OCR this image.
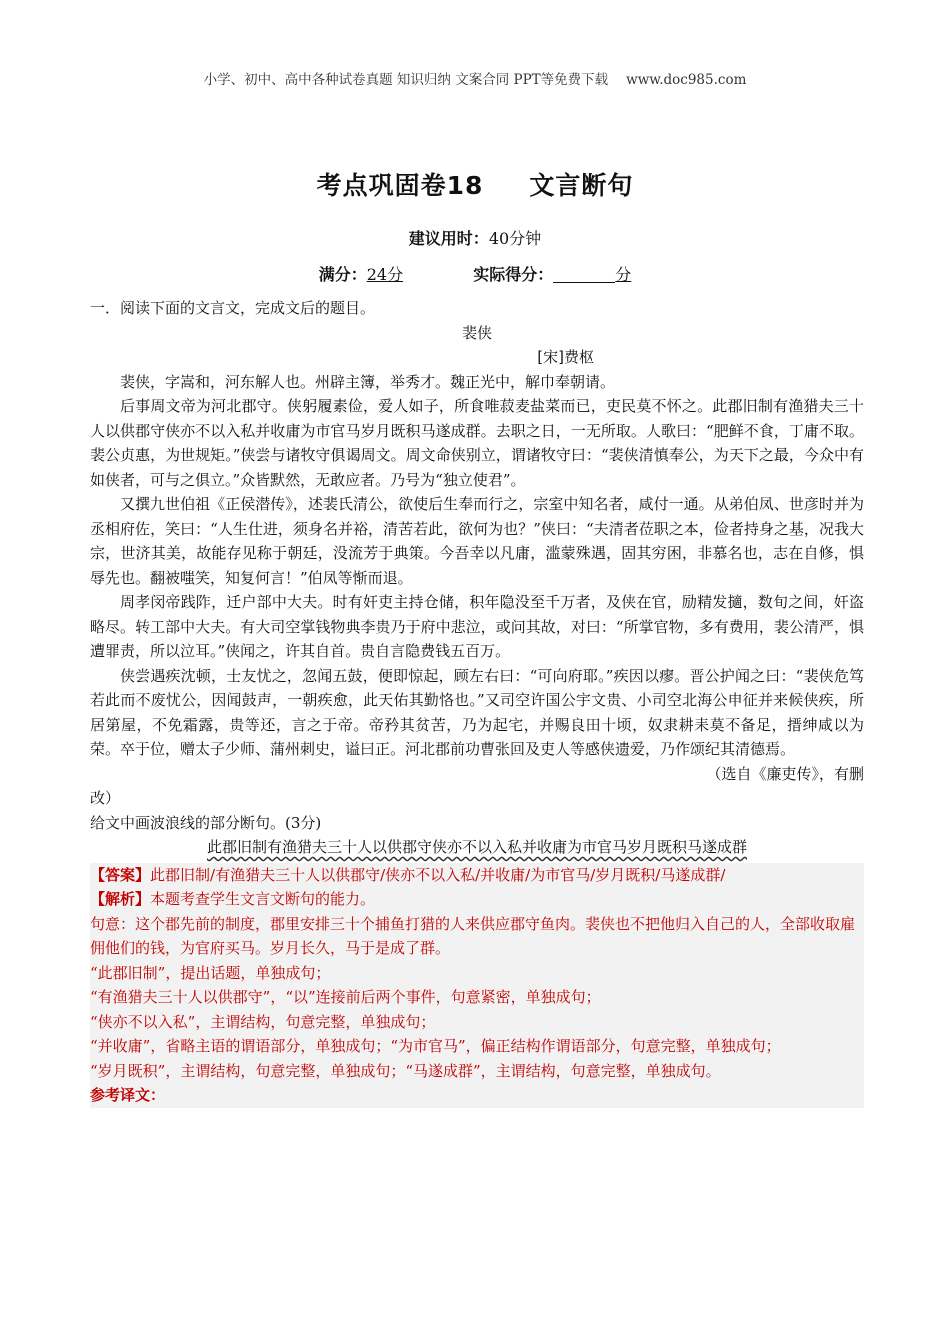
小学、初中、高中各种试卷真题 知识归纳 文案合同 PPT等免费下载 www.doc985.com
考点巩固卷18 文言断句
建议用时：40分钟
满分：24分	实际得分：	分

一．阅读下面的文言文，完成文后的题目。

裴侠

[宋]费枢

裴侠，字嵩和，河东解人也。州辟主簿，举秀才。魏正光中，解巾奉朝请。

后事周文帝为河北郡守。侠躬履素俭，爱人如子，所食唯菽麦盐菜而已，吏民莫不怀之。此郡旧制有渔猎夫三十人以供郡守侠亦不以入私并收庸为市官马岁月既积马遂成群。去职之日，一无所取。人歌曰：“肥鲜不食，丁庸不取。裴公贞惠，为世规矩。”侠尝与诸牧守俱谒周文。周文命侠别立，谓诸牧守曰：“裴侠清慎奉公，为天下之最，今众中有如侠者，可与之俱立。”众皆默然，无敢应者。乃号为“独立使君”。

又撰九世伯祖《正侯潜传》，述裴氏清公，欲使后生奉而行之，宗室中知名者，咸付一通。从弟伯凤、世彦时并为丞相府佐，笑曰：“人生仕进，须身名并裕，清苦若此，欲何为也？”侠曰：“夫清者莅职之本，俭者持身之基，况我大宗，世济其美，故能存见称于朝廷，没流芳于典策。今吾幸以凡庸，滥蒙殊遇，固其穷困，非慕名也，志在自修，惧辱先也。翻被嗤笑，知复何言！”伯凤等惭而退。

周孝闵帝践阼，迁户部中大夫。时有奸吏主持仓储，积年隐没至千万者，及侠在官，励精发擿，数旬之间，奸盗略尽。转工部中大夫。有大司空掌钱物典李贵乃于府中悲泣，或问其故，对曰：“所掌官物，多有费用，裴公清严，惧遭罪责，所以泣耳。”侠闻之，许其自首。贵自言隐费钱五百万。

侠尝遇疾沈顿，士友忧之，忽闻五鼓，便即惊起，顾左右曰：“可向府耶。”疾因以瘳。晋公护闻之曰：“裴侠危笃若此而不废忧公，因闻鼓声，一朝疾愈，此天佑其勤恪也。”又司空许国公宇文贵、小司空北海公申征并来候侠疾，所居第屋，不免霜露，贵等还，言之于帝。帝矜其贫苦，乃为起宅，并赐良田十顷，奴隶耕耒莫不备足，搢绅咸以为荣。卒于位，赠太子少师、蒲州刺史，谥曰正。河北郡前功曹张回及吏人等感侠遗爱，乃作颂纪其清德焉。

（选自《廉吏传》，有删

改）

给文中画波浪线的部分断句。(3分)

此郡旧制有渔猎夫三十人以供郡守侠亦不以入私并收庸为市官马岁月既积马遂成群

【答案】此郡旧制/有渔猎夫三十人以供郡守/侠亦不以入私/并收庸/为市官马/岁月既积/马遂成群/

【解析】本题考查学生文言文断句的能力。

句意：这个郡先前的制度，郡里安排三十个捕鱼打猎的人来供应郡守鱼肉。裴侠也不把他归入自己的人，全部收取雇佣他们的钱，为官府买马。岁月长久，马于是成了群。

“此郡旧制”，提出话题，单独成句；

“有渔猎夫三十人以供郡守”，“以”连接前后两个事件，句意紧密，单独成句；

“侠亦不以入私”，主谓结构，句意完整，单独成句；

“并收庸”，省略主语的谓语部分，单独成句；“为市官马”，偏正结构作谓语部分，句意完整，单独成句；

“岁月既积”，主谓结构，句意完整，单独成句；“马遂成群”，主谓结构，句意完整，单独成句。

参考译文：
